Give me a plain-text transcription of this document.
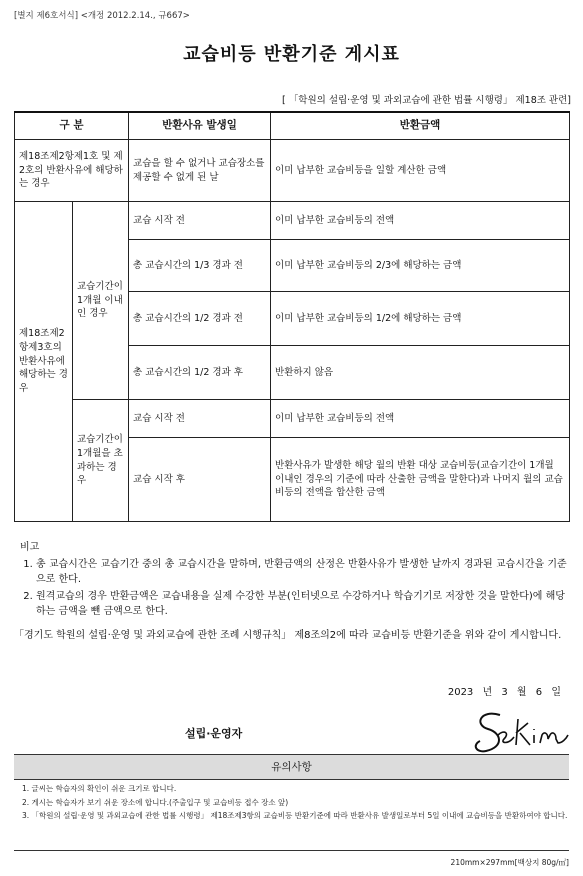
[별지 제6호서식] <개정 2012.2.14., 규667>
교습비등 반환기준 게시표
[ 「학원의 설립·운영 및 과외교습에 관한 법률 시행령」 제18조 관련]
구 분		반환사유 발생일	반환금액
제18조제2항제1호 및 제2호의 반환사유에 해당하는 경우		교습을 할 수 없거나 교습장소를 제공할 수 없게 된 날	이미 납부한 교습비등을 일할 계산한 금액
제18조제2항제3호의 반환사유에 해당하는 경우	교습기간이 1개월 이내인 경우	교습 시작 전	이미 납부한 교습비등의 전액
		총 교습시간의 1/3 경과 전	이미 납부한 교습비등의 2/3에 해당하는 금액
		총 교습시간의 1/2 경과 전	이미 납부한 교습비등의 1/2에 해당하는 금액
		총 교습시간의 1/2 경과 후	반환하지 않음
	교습기간이 1개월을 초과하는 경우	교습 시작 전	이미 납부한 교습비등의 전액
		교습 시작 후	반환사유가 발생한 해당 월의 반환 대상 교습비등(교습기간이 1개월 이내인 경우의 기준에 따라 산출한 금액을 말한다)과 나머지 월의 교습비등의 전액을 합산한 금액
비고
1. 총 교습시간은 교습기간 중의 총 교습시간을 말하며, 반환금액의 산정은 반환사유가 발생한 날까지 경과된 교습시간을 기준으로 한다.
2. 원격교습의 경우 반환금액은 교습내용을 실제 수강한 부분(인터넷으로 수강하거나 학습기기로 저장한 것을 말한다)에 해당하는 금액을 뺀 금액으로 한다.
「경기도 학원의 설립·운영 및 과외교습에 관한 조례 시행규칙」 제8조의2에 따라 교습비등 반환기준을 위와 같이 게시합니다.
2023 년 3 월 6 일
설립·운영자
유의사항
1. 글씨는 학습자의 확인이 쉬운 크기로 합니다.
2. 게시는 학습자가 보기 쉬운 장소에 합니다.(주출입구 및 교습비등 접수 장소 앞)
3. 「학원의 설립·운영 및 과외교습에 관한 법률 시행령」 제18조제3항의 교습비등 반환기준에 따라 반환사유 발생일로부터 5일 이내에 교습비등을 반환하여야 합니다.
210mm×297mm[백상지 80g/㎡]
